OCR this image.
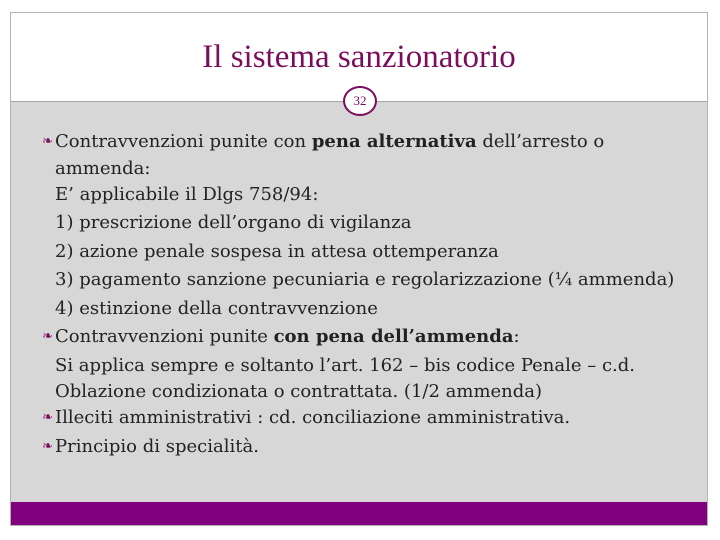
Il sistema sanzionatorio
32

❧ Contravvenzioni punite con pena alternativa dell’arresto o

ammenda:

E’ applicabile il Dlgs 758/94:

1) prescrizione dell’organo di vigilanza

2) azione penale sospesa in attesa ottemperanza

3) pagamento sanzione pecuniaria e regolarizzazione (¼ ammenda)

4) estinzione della contravvenzione

❧ Contravvenzioni punite con pena dell’ammenda:

Si applica sempre e soltanto l’art. 162 – bis codice Penale – c.d.

Oblazione condizionata o contrattata. (1/2 ammenda)

❧ Illeciti amministrativi : cd. conciliazione amministrativa.

❧ Principio di specialità.
